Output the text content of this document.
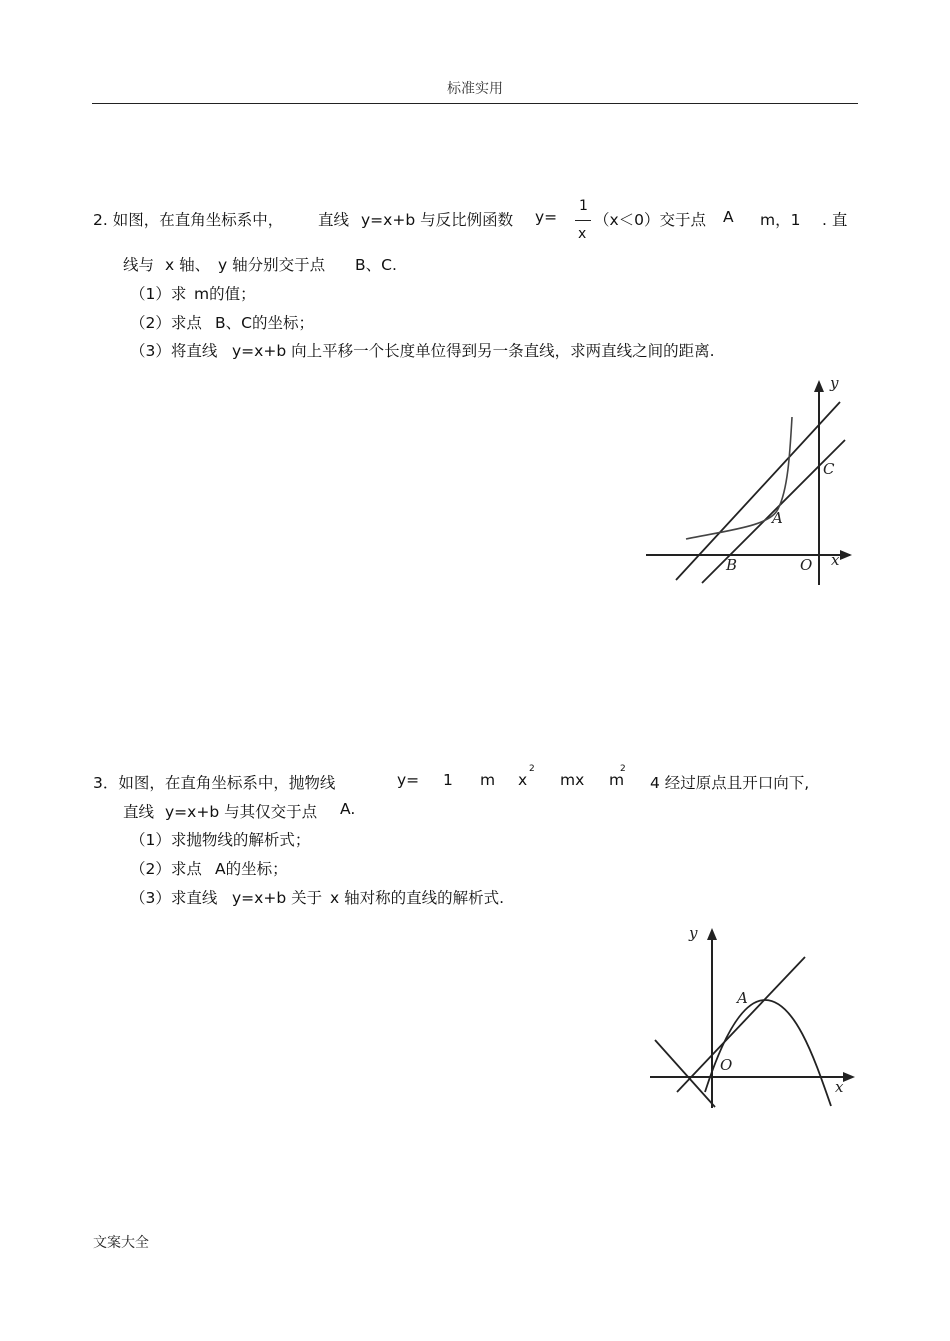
标准实用
2. 如图，在直角坐标系中， 直线 y=x+b 与反比例函数 y=
1
x
（x＜0）交于点 A m，1 . 直
线与 x 轴、 y 轴分别交于点 B、C.
（1）求 m的值；
（2）求点 B、C的坐标；
（3）将直线 y=x+b 向上平移一个长度单位得到另一条直线，求两直线之间的距离.
y
x
A
B
C
O
3．如图，在直角坐标系中，抛物线	y= 1 m x
2
mx m
2
4 经过原点且开口向下,
直线 y=x+b 与其仅交于点 A.
（1）求抛物线的解析式；
（2）求点 A的坐标；
（3）求直线 y=x+b 关于 x 轴对称的直线的解析式.
y
x
A
O
文案大全
